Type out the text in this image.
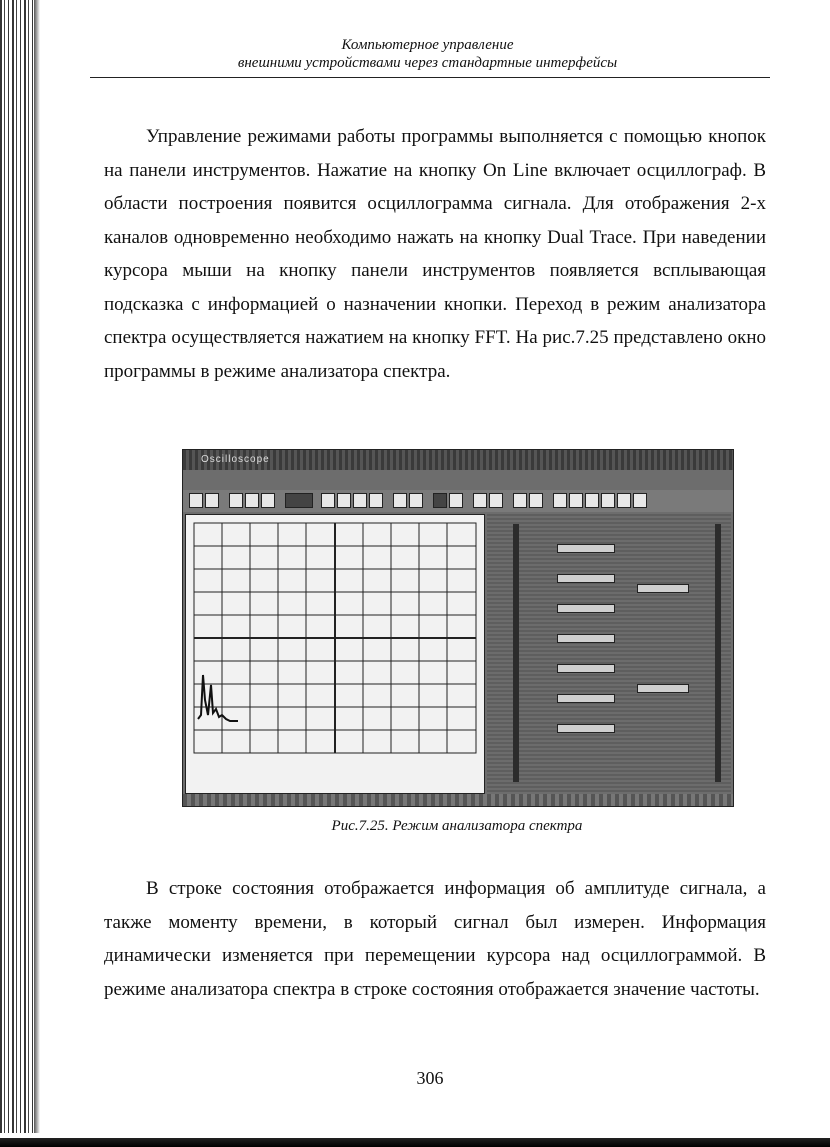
Компьютерное управление
внешними устройствами через стандартные интерфейсы

Управление режимами работы программы выполняется с помощью кнопок на панели инструментов. Нажатие на кнопку On Line включает осциллограф. В области построения появится осциллограмма сигнала. Для отображения 2-х каналов одновременно необходимо нажать на кнопку Dual Trace. При наведении курсора мыши на кнопку панели инструментов появляется всплывающая подсказка с информацией о назначении кнопки. Переход в режим анализатора спектра осуществляется нажатием на кнопку FFT. На рис.7.25 представлено окно программы в режиме анализатора спектра.

Oscilloscope
Рис.7.25. Режим анализатора спектра

В строке состояния отображается информация об амплитуде сигнала, а также моменту времени, в который сигнал был измерен. Информация динамически изменяется при перемещении курсора над осциллограммой. В режиме анализатора спектра в строке состояния отображается значение частоты.

306
